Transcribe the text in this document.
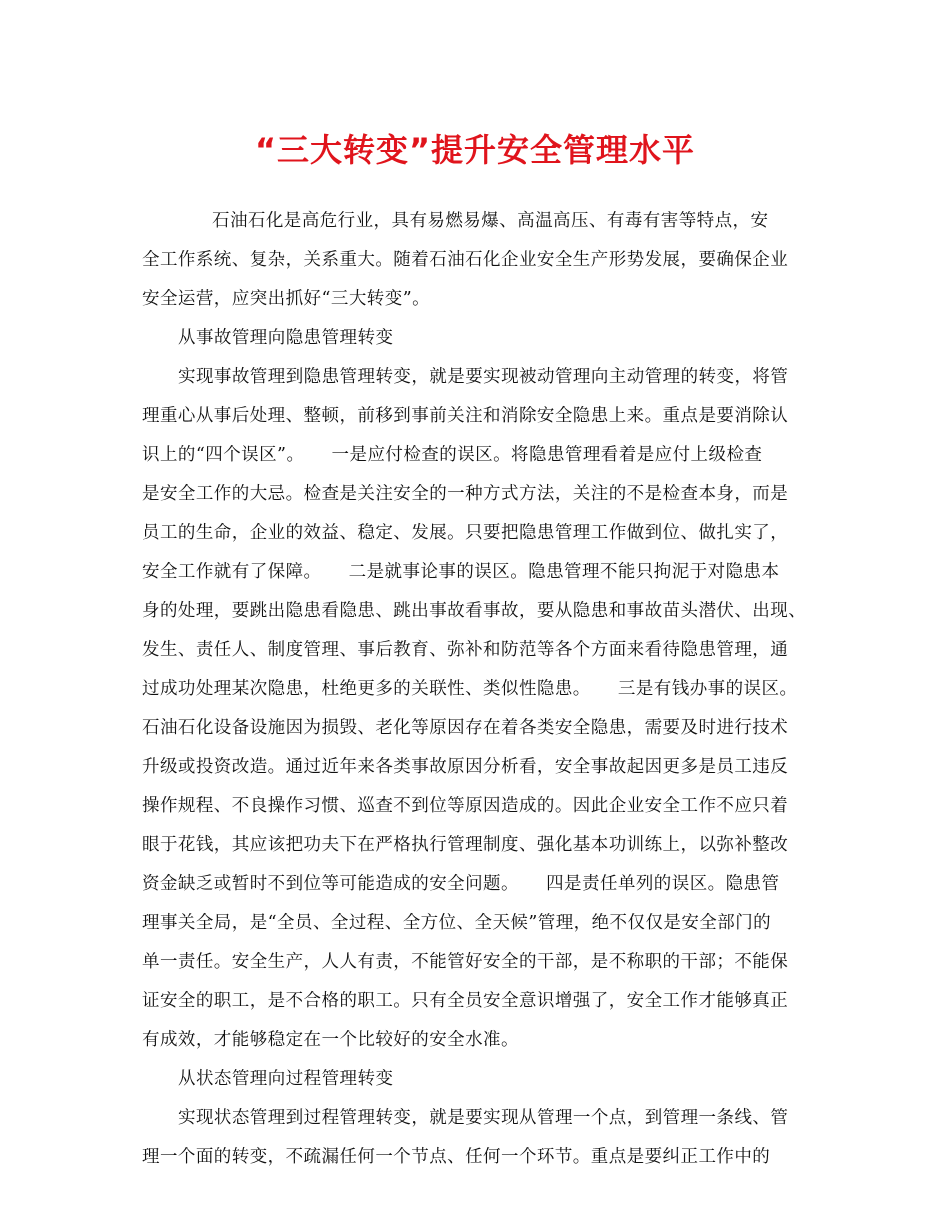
“三大转变”提升安全管理水平
石油石化是高危行业，具有易燃易爆、高温高压、有毒有害等特点，安
全工作系统、复杂，关系重大。随着石油石化企业安全生产形势发展，要确保企业
安全运营，应突出抓好“三大转变”。
从事故管理向隐患管理转变
实现事故管理到隐患管理转变，就是要实现被动管理向主动管理的转变，将管
理重心从事后处理、整顿，前移到事前关注和消除安全隐患上来。重点是要消除认
识上的“四个误区”。　　一是应付检查的误区。将隐患管理看着是应付上级检查
是安全工作的大忌。检查是关注安全的一种方式方法，关注的不是检查本身，而是
员工的生命，企业的效益、稳定、发展。只要把隐患管理工作做到位、做扎实了，
安全工作就有了保障。　　二是就事论事的误区。隐患管理不能只拘泥于对隐患本
身的处理，要跳出隐患看隐患、跳出事故看事故，要从隐患和事故苗头潜伏、出现、
发生、责任人、制度管理、事后教育、弥补和防范等各个方面来看待隐患管理，通
过成功处理某次隐患，杜绝更多的关联性、类似性隐患。　　三是有钱办事的误区。
石油石化设备设施因为损毁、老化等原因存在着各类安全隐患，需要及时进行技术
升级或投资改造。通过近年来各类事故原因分析看，安全事故起因更多是员工违反
操作规程、不良操作习惯、巡查不到位等原因造成的。因此企业安全工作不应只着
眼于花钱，其应该把功夫下在严格执行管理制度、强化基本功训练上，以弥补整改
资金缺乏或暂时不到位等可能造成的安全问题。　　四是责任单列的误区。隐患管
理事关全局，是“全员、全过程、全方位、全天候”管理，绝不仅仅是安全部门的
单一责任。安全生产，人人有责，不能管好安全的干部，是不称职的干部；不能保
证安全的职工，是不合格的职工。只有全员安全意识增强了，安全工作才能够真正
有成效，才能够稳定在一个比较好的安全水准。
从状态管理向过程管理转变
实现状态管理到过程管理转变，就是要实现从管理一个点，到管理一条线、管
理一个面的转变，不疏漏任何一个节点、任何一个环节。重点是要纠正工作中的
